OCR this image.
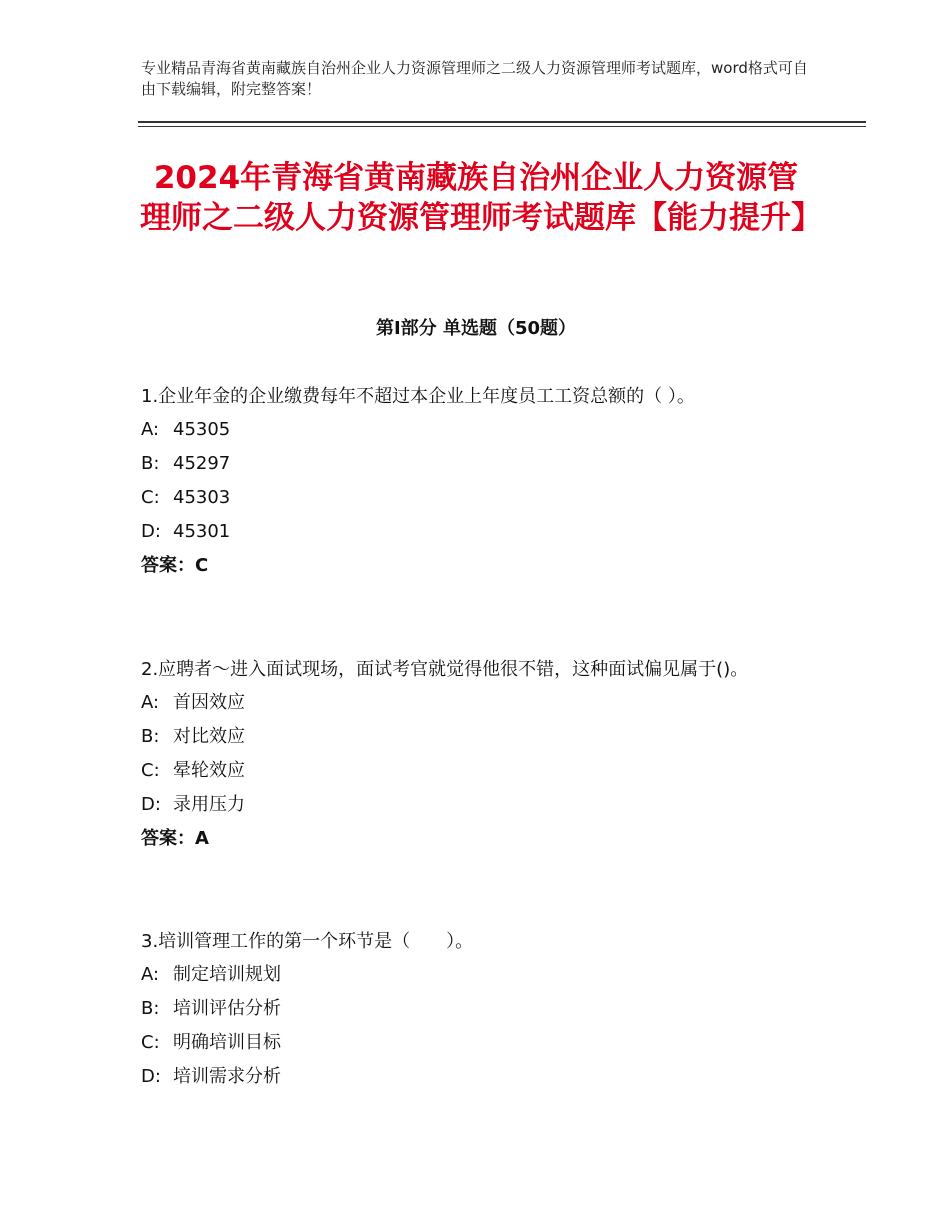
专业精品青海省黄南藏族自治州企业人力资源管理师之二级人力资源管理师考试题库，word格式可自由下载编辑，附完整答案！
2024年青海省黄南藏族自治州企业人力资源管理师之二级人力资源管理师考试题库【能力提升】
第Ⅰ部分 单选题（50题）

1.企业年金的企业缴费每年不超过本企业上年度员工工资总额的（ ）。

A: 45305
B: 45297
C: 45303
D: 45301
答案：C

2.应聘者～进入面试现场，面试考官就觉得他很不错，这种面试偏见属于()。

A: 首因效应
B: 对比效应
C: 晕轮效应
D: 录用压力
答案：A

3.培训管理工作的第一个环节是（　　）。

A: 制定培训规划
B: 培训评估分析
C: 明确培训目标
D: 培训需求分析
